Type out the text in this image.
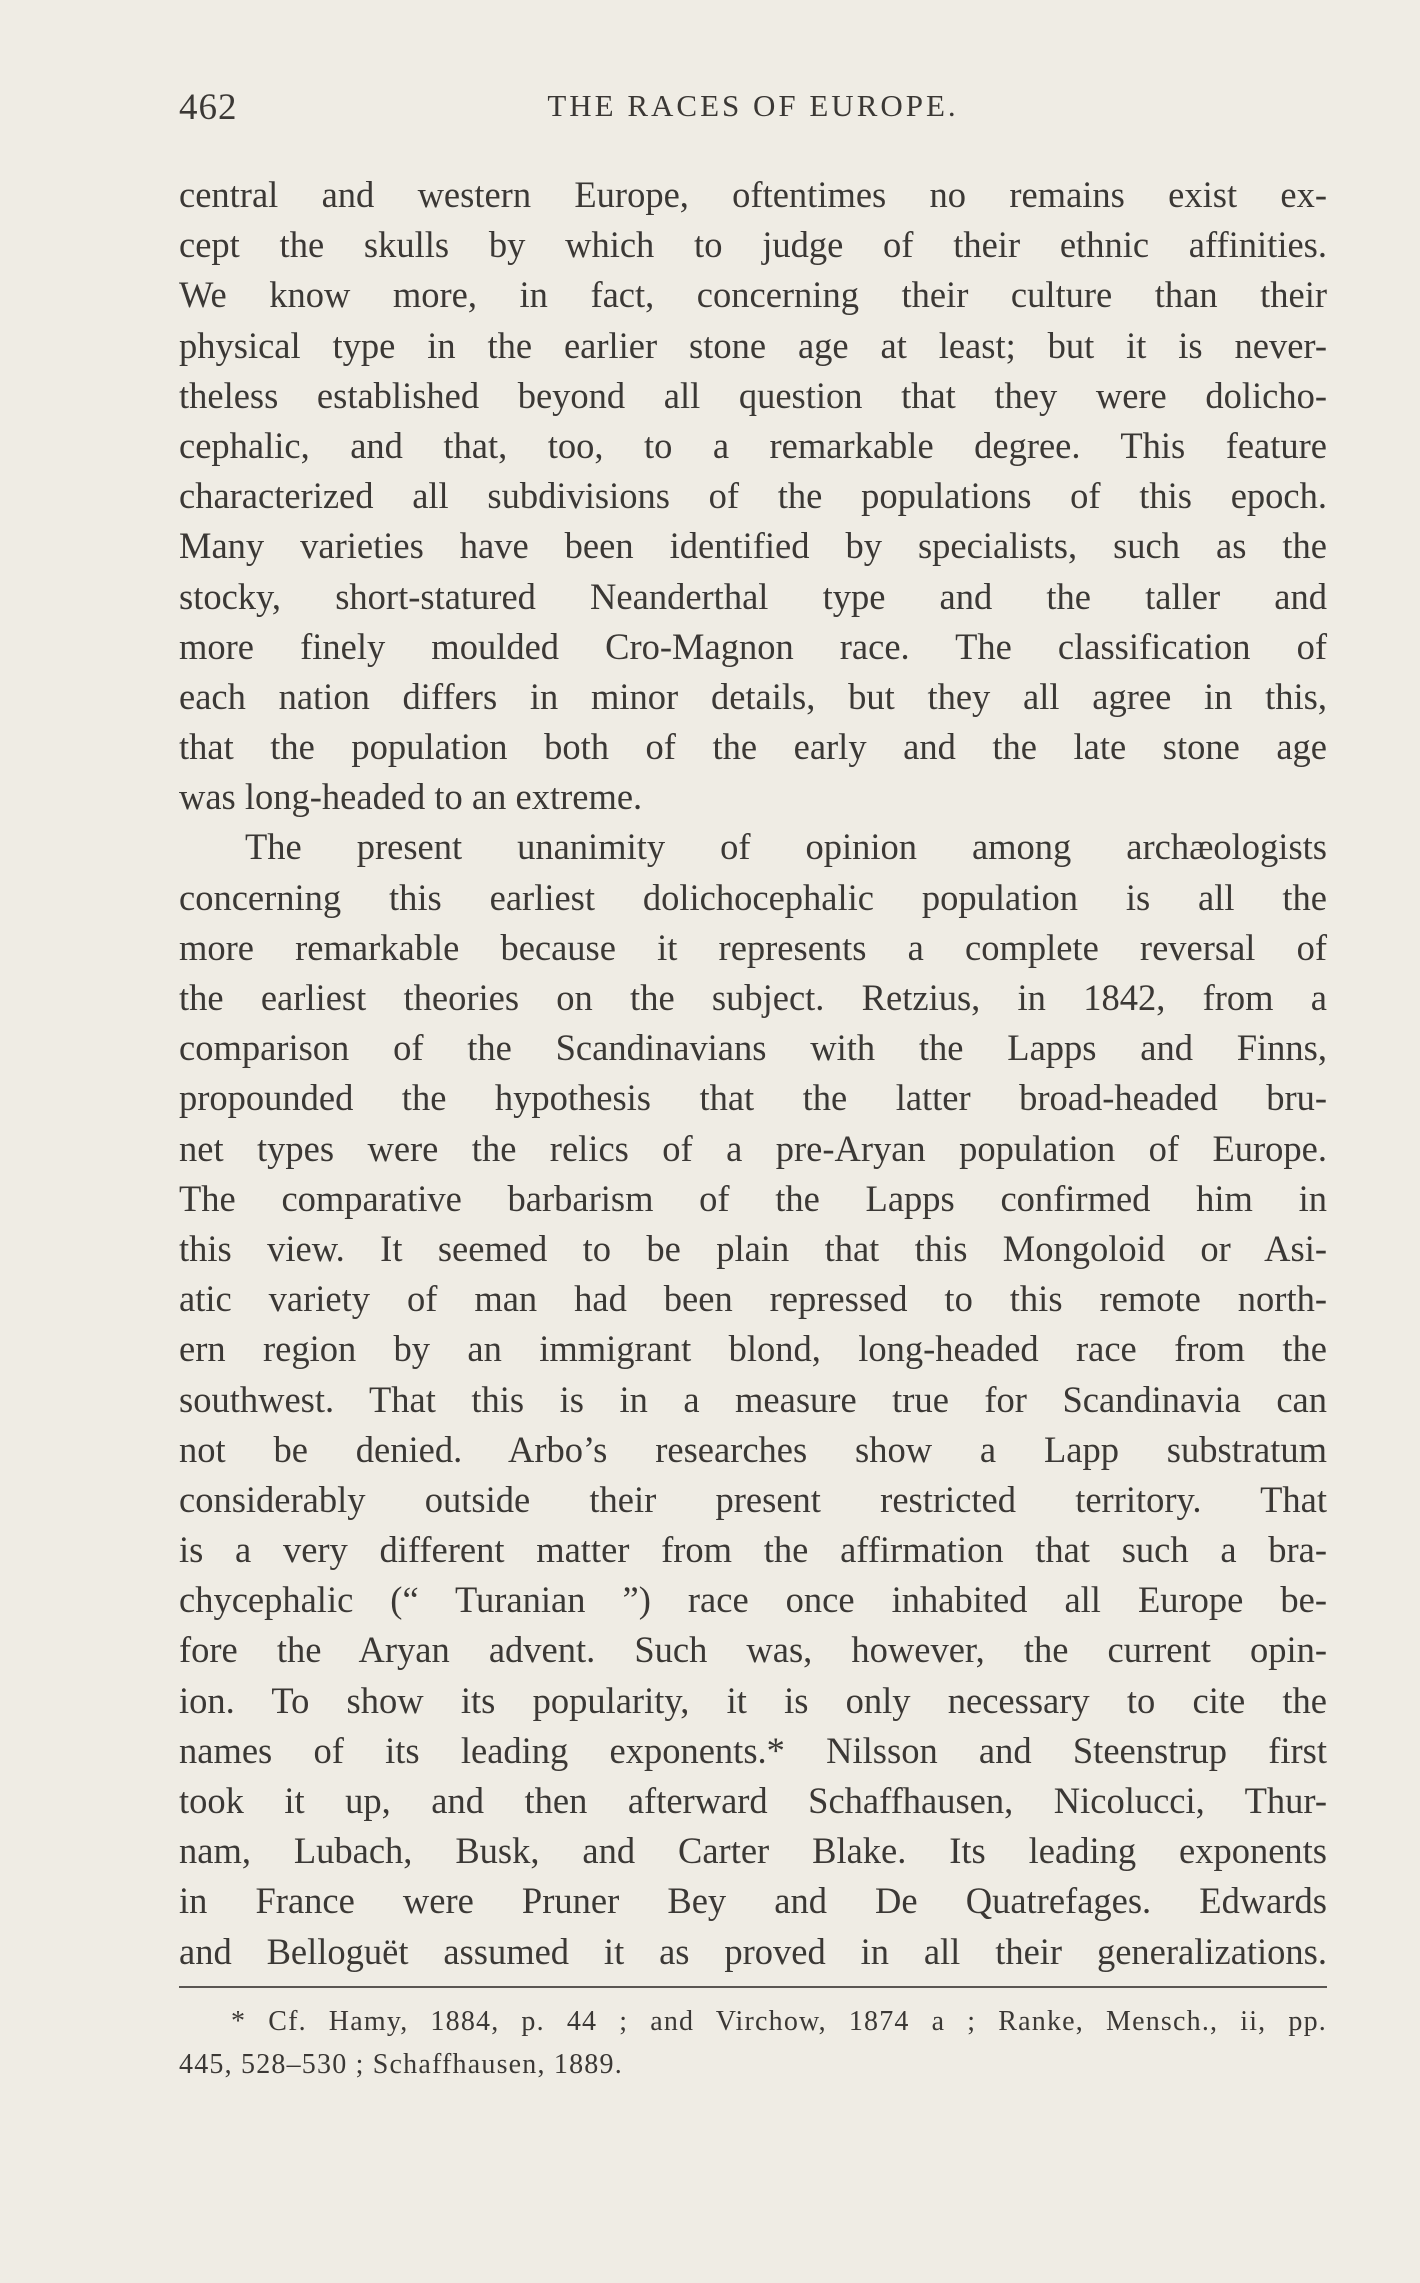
462	THE RACES OF EUROPE.
central and western Europe, oftentimes no remains exist ex-
cept the skulls by which to judge of their ethnic affinities.
We know more, in fact, concerning their culture than their
physical type in the earlier stone age at least; but it is never-
theless established beyond all question that they were dolicho-
cephalic, and that, too, to a remarkable degree. This feature
characterized all subdivisions of the populations of this epoch.
Many varieties have been identified by specialists, such as the
stocky, short-statured Neanderthal type and the taller and
more finely moulded Cro-Magnon race. The classification of
each nation differs in minor details, but they all agree in this,
that the population both of the early and the late stone age
was long-headed to an extreme.
The present unanimity of opinion among archæologists
concerning this earliest dolichocephalic population is all the
more remarkable because it represents a complete reversal of
the earliest theories on the subject. Retzius, in 1842, from a
comparison of the Scandinavians with the Lapps and Finns,
propounded the hypothesis that the latter broad-headed bru-
net types were the relics of a pre-Aryan population of Europe.
The comparative barbarism of the Lapps confirmed him in
this view. It seemed to be plain that this Mongoloid or Asi-
atic variety of man had been repressed to this remote north-
ern region by an immigrant blond, long-headed race from the
southwest. That this is in a measure true for Scandinavia can
not be denied. Arbo’s researches show a Lapp substratum
considerably outside their present restricted territory. That
is a very different matter from the affirmation that such a bra-
chycephalic (“ Turanian ”) race once inhabited all Europe be-
fore the Aryan advent. Such was, however, the current opin-
ion. To show its popularity, it is only necessary to cite the
names of its leading exponents.* Nilsson and Steenstrup first
took it up, and then afterward Schaffhausen, Nicolucci, Thur-
nam, Lubach, Busk, and Carter Blake. Its leading exponents
in France were Pruner Bey and De Quatrefages. Edwards
and Belloguët assumed it as proved in all their generalizations.
* Cf. Hamy, 1884, p. 44 ; and Virchow, 1874 a ; Ranke, Mensch., ii, pp.
445, 528–530 ; Schaffhausen, 1889.
